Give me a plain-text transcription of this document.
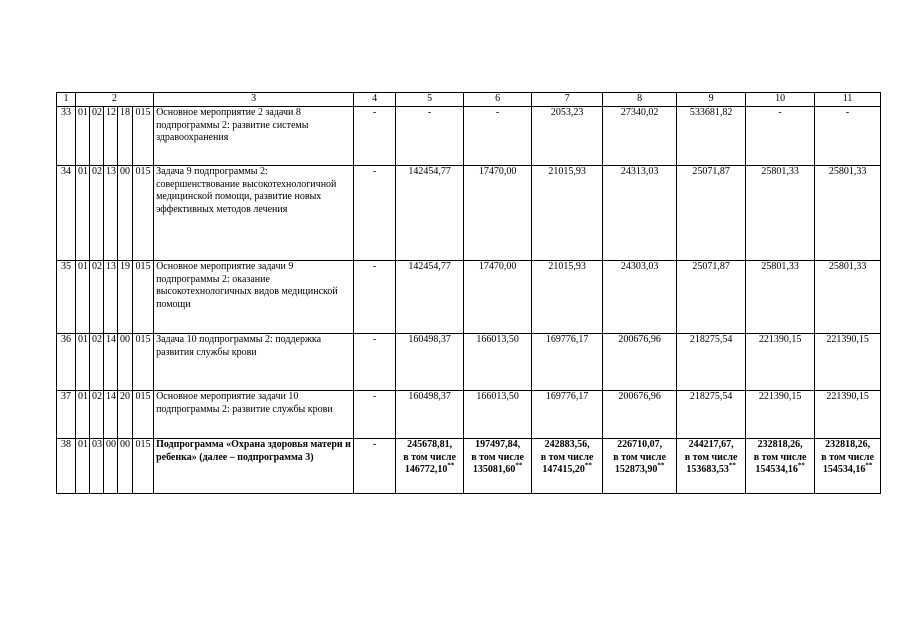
1	2					3	4	5	6	7	8	9	10	11
33	01	02	12	18	015	Основное мероприятие 2 задачи 8 подпрограммы 2: развитие системы здравоохранения	-	-	-	2053,23	27340,02	533681,82	-	-
34	01	02	13	00	015	Задача 9 подпрограммы 2: совершенствование высокотехнологичной медицинской помощи, развитие новых эффективных методов лечения	-	142454,77	17470,00	21015,93	24313,03	25071,87	25801,33	25801,33
35	01	02	13	19	015	Основное мероприятие задачи 9 подпрограммы 2: оказание высокотехнологичных видов медицинской помощи	-	142454,77	17470,00	21015,93	24303,03	25071,87	25801,33	25801,33
36	01	02	14	00	015	Задача 10 подпрограммы 2: поддержка развития службы крови	-	160498,37	166013,50	169776,17	200676,96	218275,54	221390,15	221390,15
37	01	02	14	20	015	Основное мероприятие задачи 10 подпрограммы 2: развитие службы крови	-	160498,37	166013,50	169776,17	200676,96	218275,54	221390,15	221390,15
38	01	03	00	00	015	Подпрограмма «Охрана здоровья матери и ребенка» (далее – подпрограмма 3)	-	245678,81,
в том числе
146772,10**	197497,84,
в том числе
135081,60**	242883,56,
в том числе
147415,20**	226710,07,
в том числе
152873,90**	244217,67,
в том числе
153683,53**	232818,26,
в том числе
154534,16**	232818,26,
в том числе
154534,16**
